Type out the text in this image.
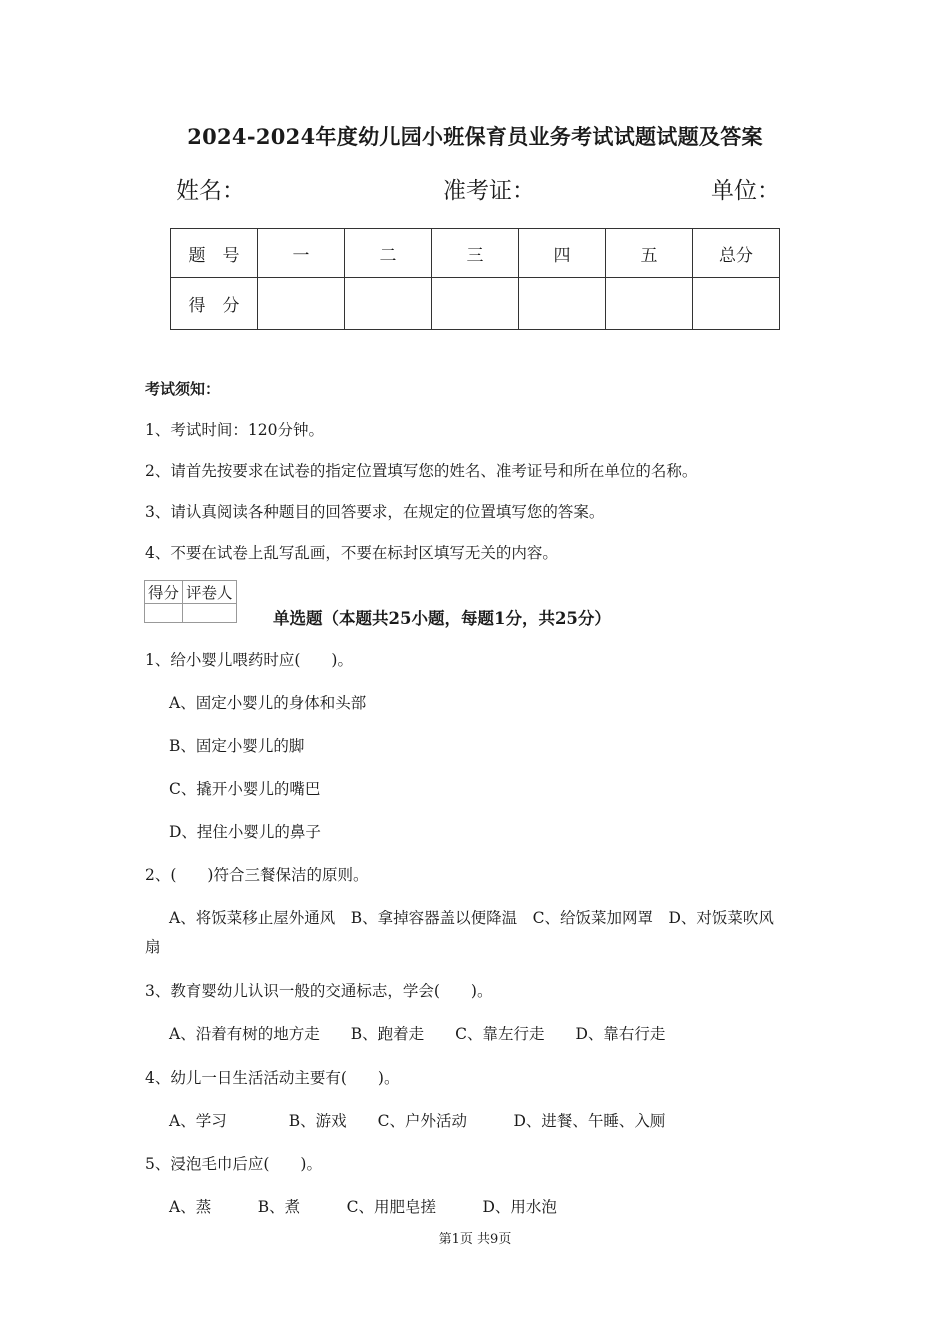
2024-2024年度幼儿园小班保育员业务考试试题试题及答案
姓名：	准考证：	单位：
题　号	一	二	三	四	五	总分
得　分						
考试须知：
1、考试时间：120分钟。
2、请首先按要求在试卷的指定位置填写您的姓名、准考证号和所在单位的名称。
3、请认真阅读各种题目的回答要求，在规定的位置填写您的答案。
4、不要在试卷上乱写乱画，不要在标封区填写无关的内容。
得分	评卷人

单选题（本题共25小题，每题1分，共25分）
1、给小婴儿喂药时应(　　)。
A、固定小婴儿的身体和头部
B、固定小婴儿的脚
C、撬开小婴儿的嘴巴
D、捏住小婴儿的鼻子
2、(　　)符合三餐保洁的原则。
A、将饭菜移止屋外通风　B、拿掉容器盖以便降温　C、给饭菜加网罩　D、对饭菜吹风
扇
3、教育婴幼儿认识一般的交通标志，学会(　　)。
A、沿着有树的地方走　　B、跑着走　　C、靠左行走　　D、靠右行走
4、幼儿一日生活活动主要有(　　)。
A、学习　　　　B、游戏　　C、户外活动　　　D、进餐、午睡、入厕
5、浸泡毛巾后应(　　)。
A、蒸　　　B、煮　　　C、用肥皂搓　　　D、用水泡
第1页 共9页
